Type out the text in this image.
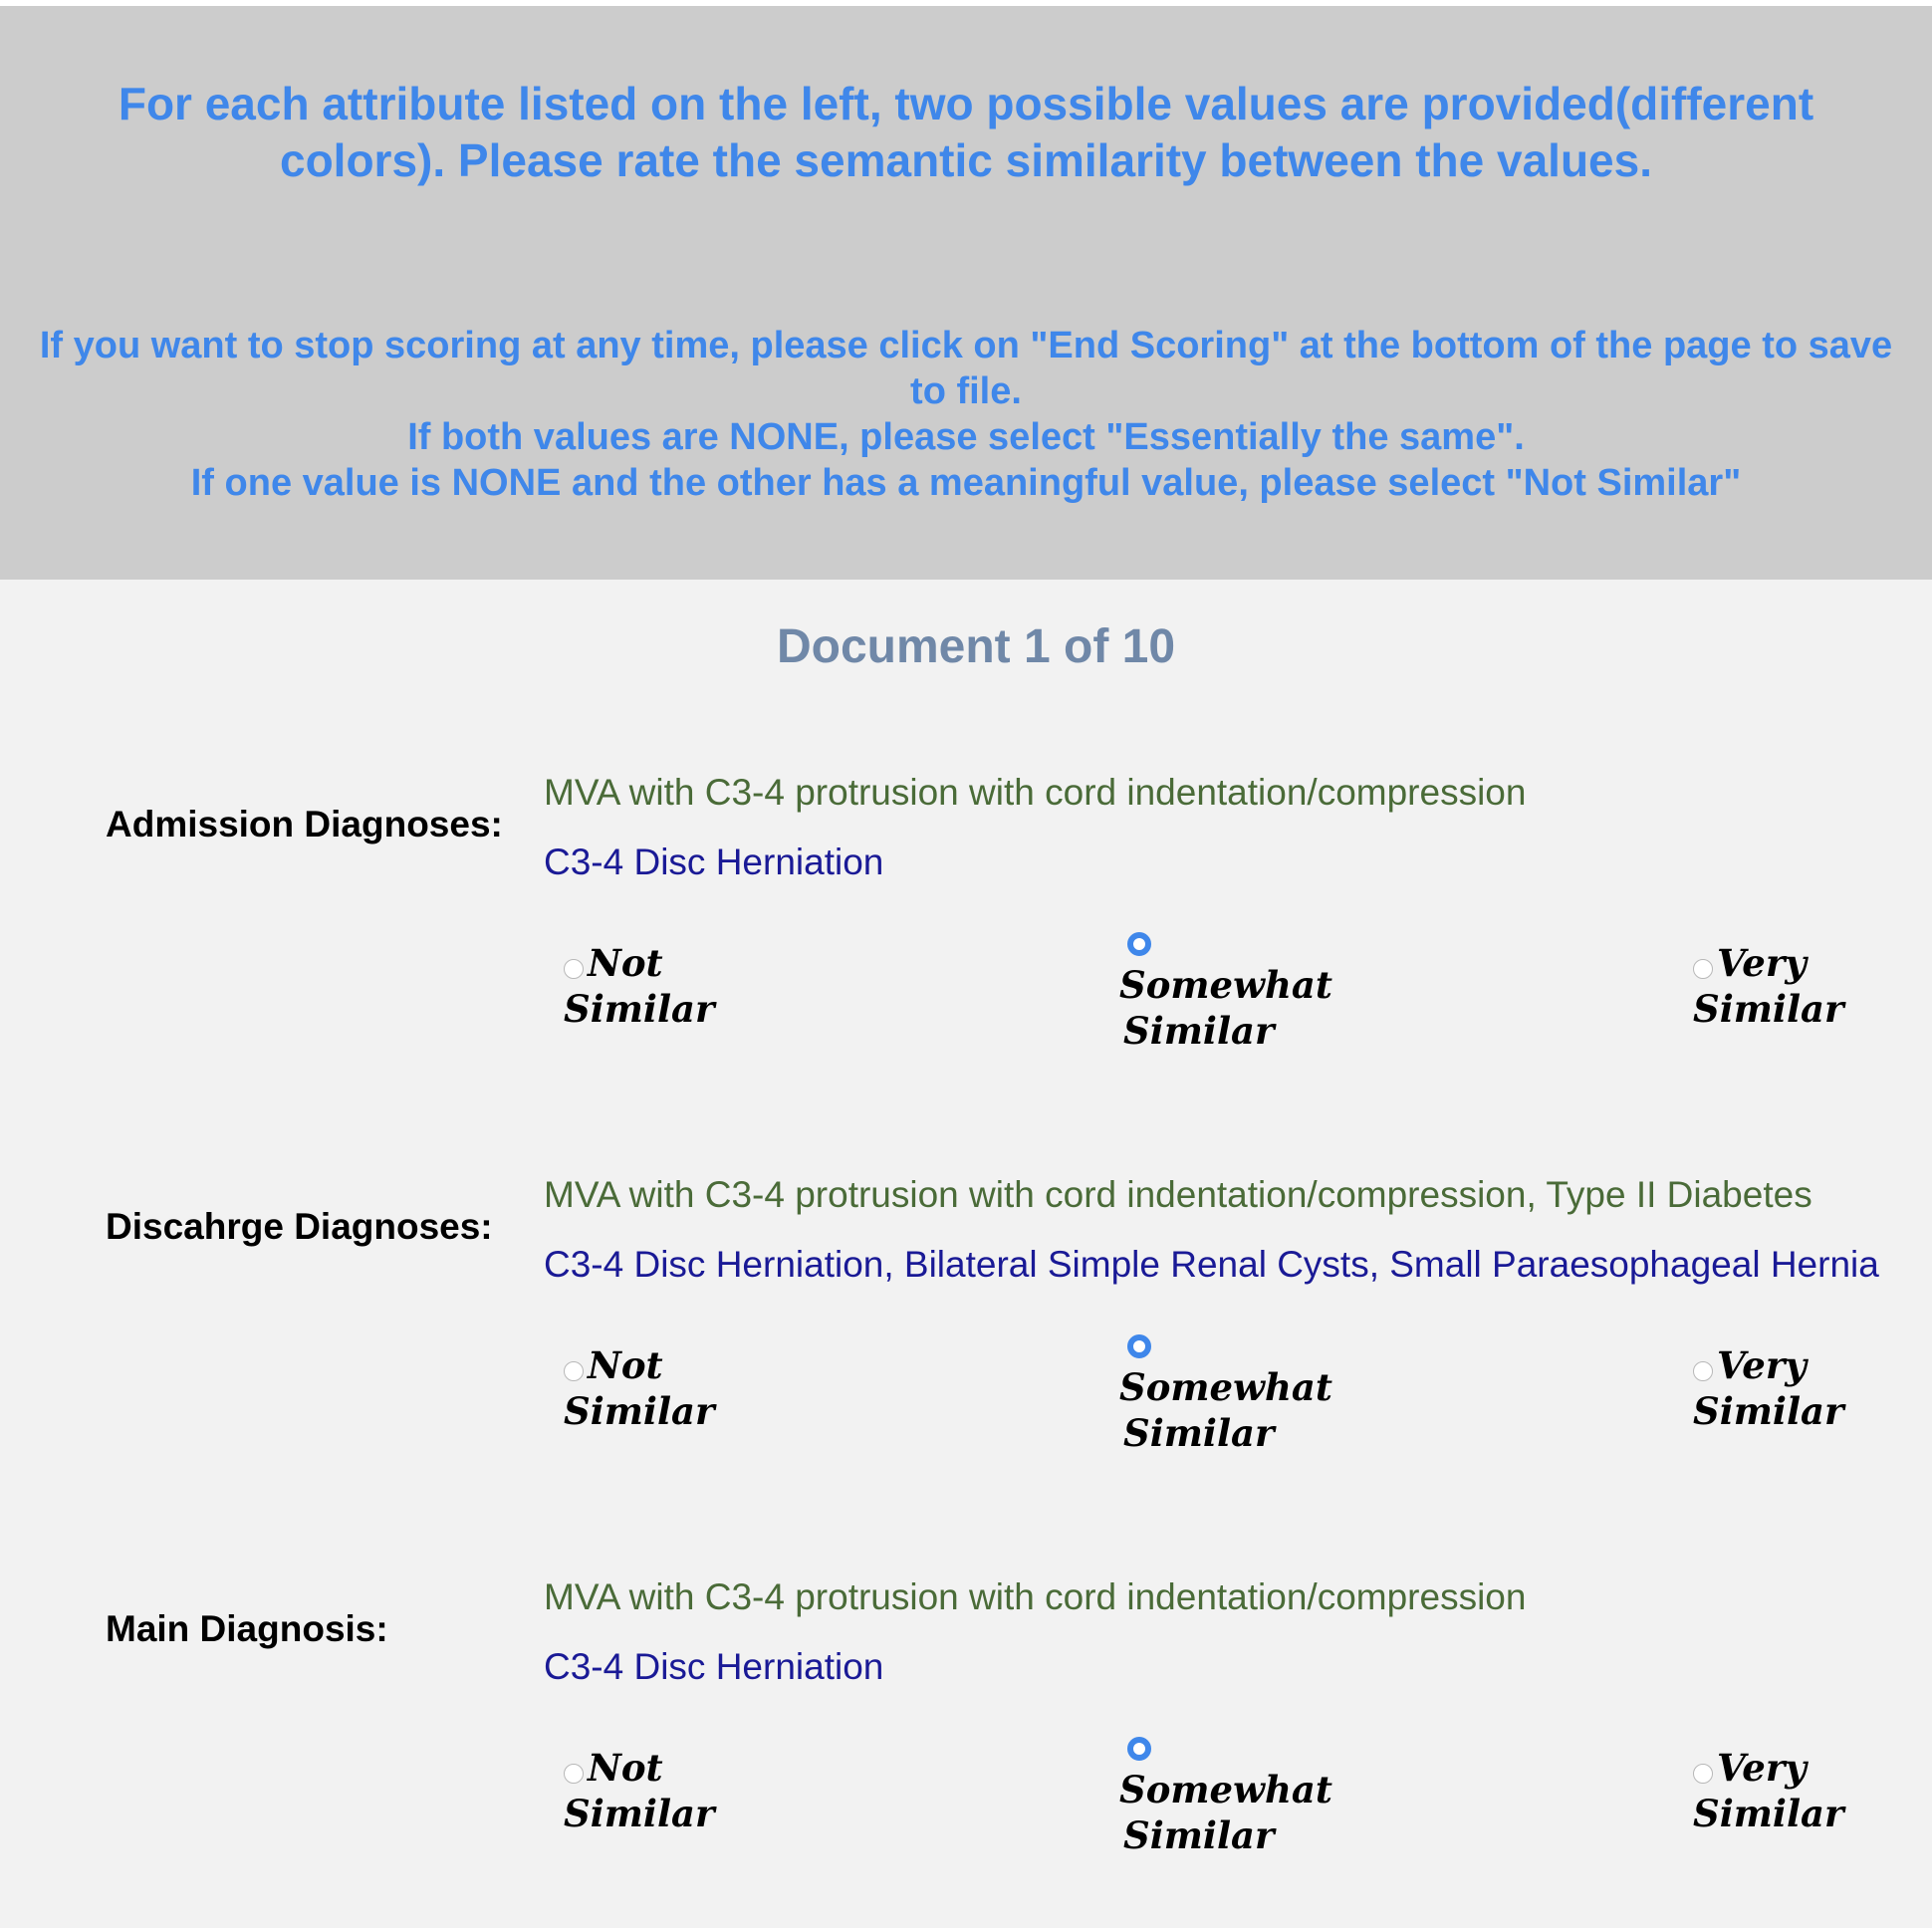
For each attribute listed on the left, two possible values are provided(different colors). Please rate the semantic similarity between the values.
If you want to stop scoring at any time, please click on "End Scoring" at the bottom of the page to save to file.
If both values are NONE, please select "Essentially the same".
If one value is NONE and the other has a meaningful value, please select "Not Similar"
Document 1 of 10
Admission Diagnoses:
MVA with C3-4 protrusion with cord indentation/compression
C3-4 Disc Herniation
Not
Similar
Somewhat
Similar
Very
Similar
Discahrge Diagnoses:
MVA with C3-4 protrusion with cord indentation/compression, Type II Diabetes
C3-4 Disc Herniation, Bilateral Simple Renal Cysts, Small Paraesophageal Hernia
Not
Similar
Somewhat
Similar
Very
Similar
Main Diagnosis:
MVA with C3-4 protrusion with cord indentation/compression
C3-4 Disc Herniation
Not
Similar
Somewhat
Similar
Very
Similar
